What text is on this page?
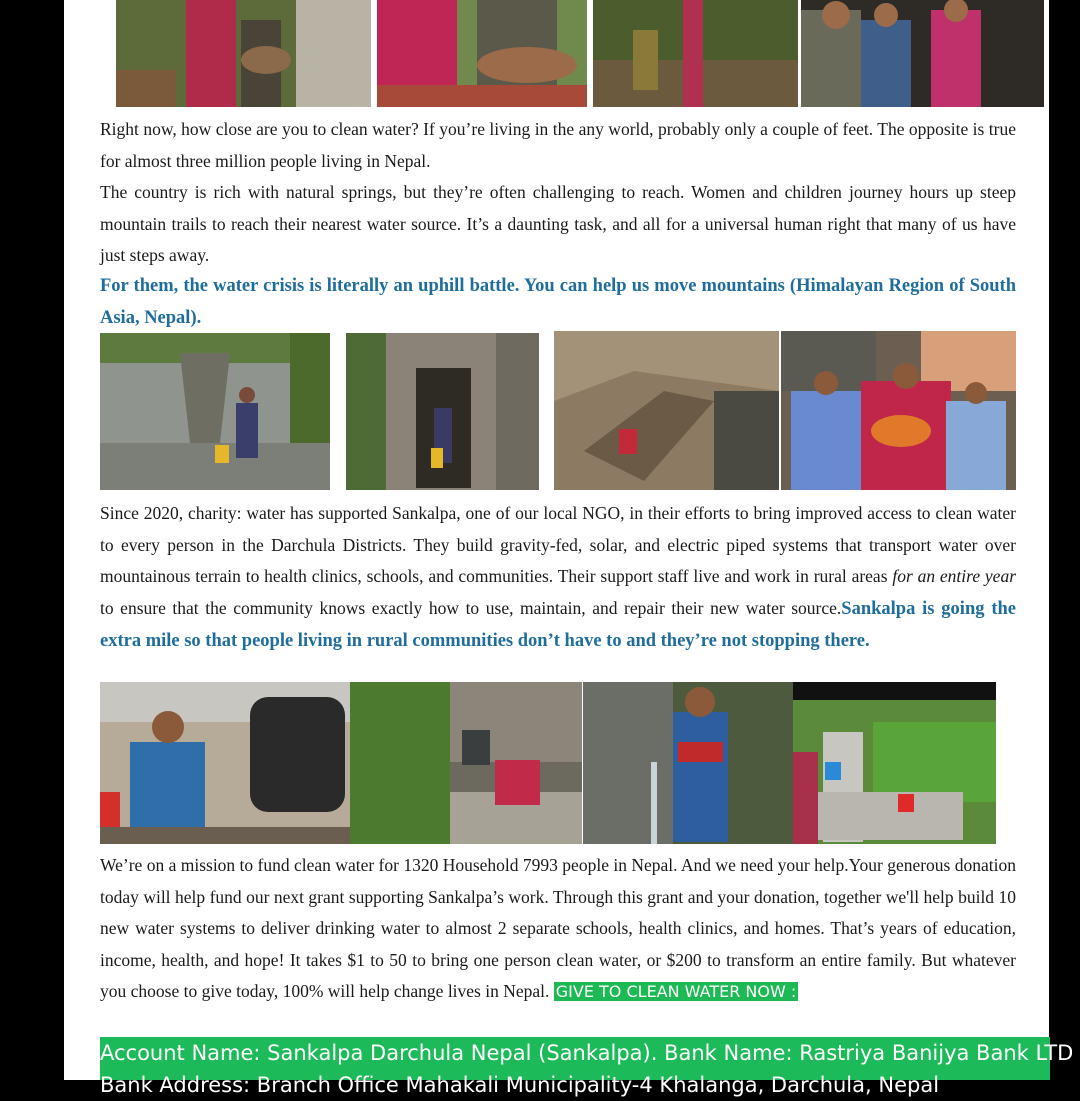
Right now, how close are you to clean water? If you’re living in the any world, probably only a couple of feet. The opposite is true for almost three million people living in Nepal.

The country is rich with natural springs, but they’re often challenging to reach. Women and children journey hours up steep mountain trails to reach their nearest water source. It’s a daunting task, and all for a universal human right that many of us have just steps away.

For them, the water crisis is literally an uphill battle. You can help us move mountains (Himalayan Region of South Asia, Nepal).

Since 2020, charity: water has supported Sankalpa, one of our local NGO, in their efforts to bring improved access to clean water to every person in the Darchula Districts. They build gravity-fed, solar, and electric piped systems that transport water over mountainous terrain to health clinics, schools, and communities. Their support staff live and work in rural areas for an entire year to ensure that the community knows exactly how to use, maintain, and repair their new water source.Sankalpa is going the extra mile so that people living in rural communities don’t have to and they’re not stopping there.

We’re on a mission to fund clean water for 1320 Household 7993 people in Nepal. And we need your help.Your generous donation today will help fund our next grant supporting Sankalpa’s work. Through this grant and your donation, together we'll help build 10 new water systems to deliver drinking water to almost 2 separate schools, health clinics, and homes. That’s years of education, income, health, and hope! It takes $1 to 50 to bring one person clean water, or $200 to transform an entire family. But whatever you choose to give today, 100% will help change lives in Nepal. GIVE TO CLEAN WATER NOW :

Account Name: Sankalpa Darchula Nepal (Sankalpa). Bank Name: Rastriya Banijya Bank LTD
Bank Address: Branch Office Mahakali Municipality-4 Khalanga, Darchula, Nepal
